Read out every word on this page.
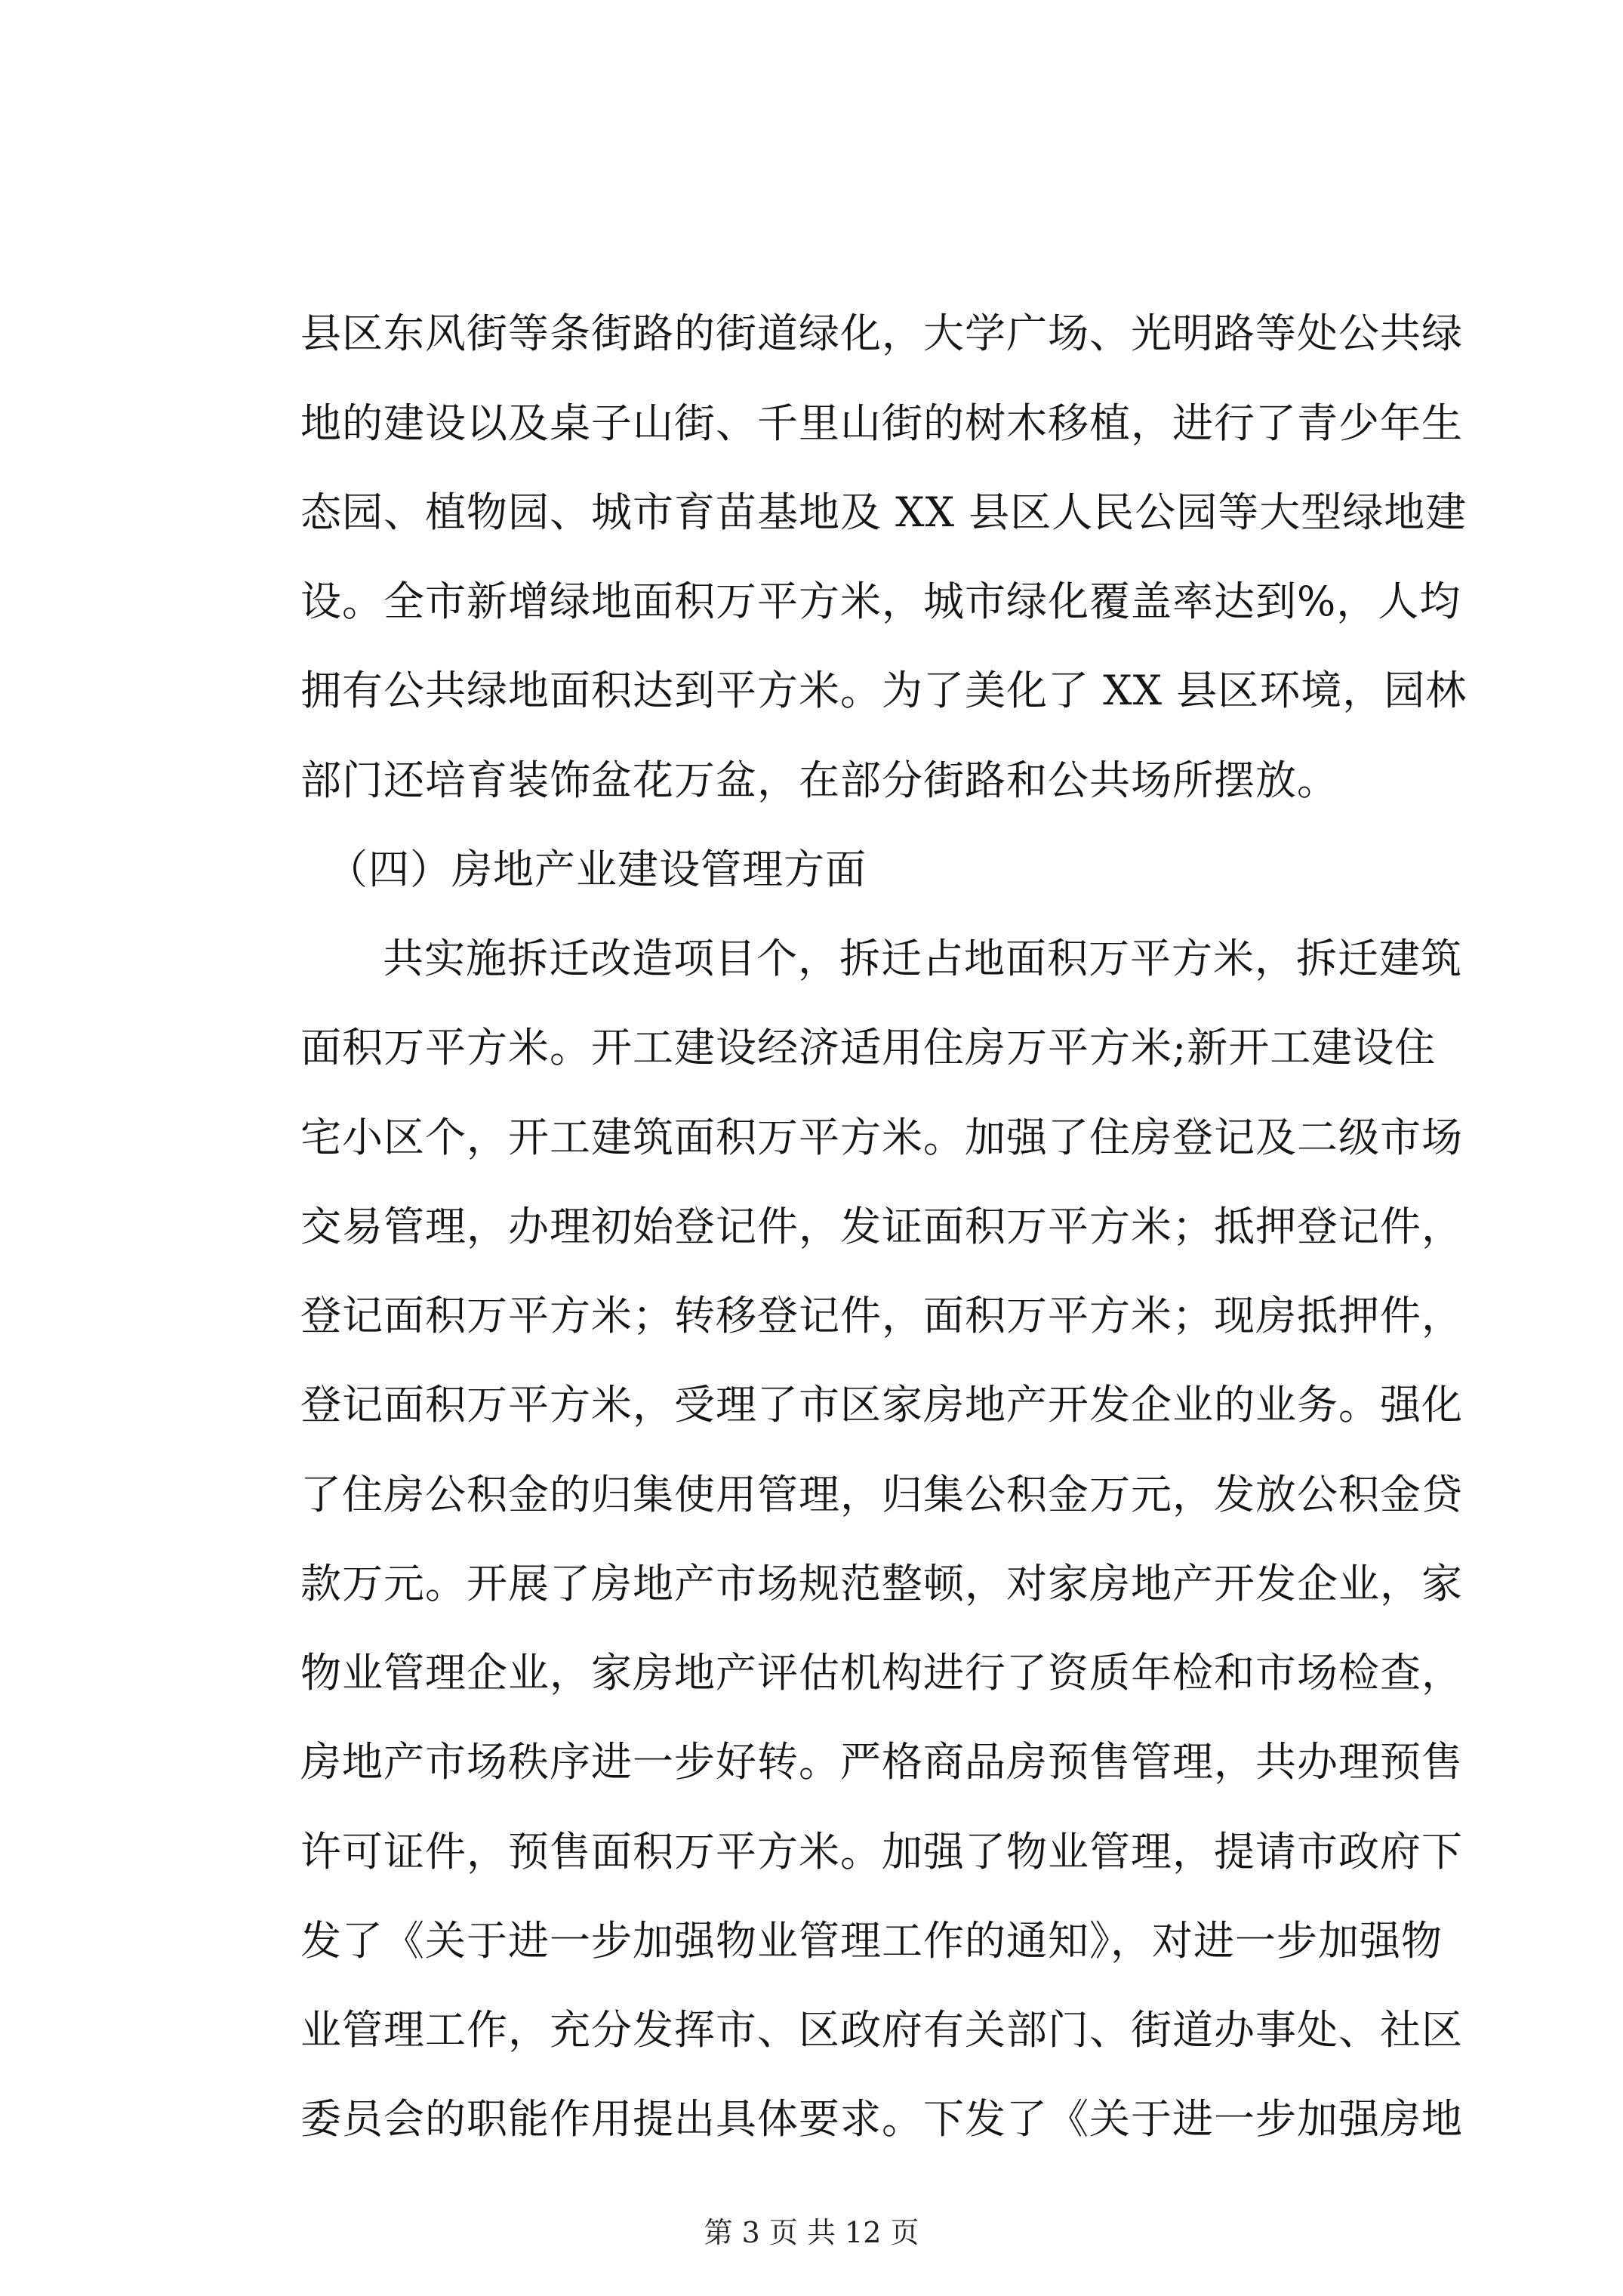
县区东风街等条街路的街道绿化，大学广场、光明路等处公共绿

地的建设以及桌子山街、千里山街的树木移植，进行了青少年生

态园、植物园、城市育苗基地及 XX 县区人民公园等大型绿地建

设。全市新增绿地面积万平方米，城市绿化覆盖率达到%，人均

拥有公共绿地面积达到平方米。为了美化了 XX 县区环境，园林

部门还培育装饰盆花万盆，在部分街路和公共场所摆放。

（四）房地产业建设管理方面

共实施拆迁改造项目个，拆迁占地面积万平方米，拆迁建筑

面积万平方米。开工建设经济适用住房万平方米;新开工建设住

宅小区个，开工建筑面积万平方米。加强了住房登记及二级市场

交易管理，办理初始登记件，发证面积万平方米；抵押登记件，

登记面积万平方米；转移登记件，面积万平方米；现房抵押件，

登记面积万平方米，受理了市区家房地产开发企业的业务。强化

了住房公积金的归集使用管理，归集公积金万元，发放公积金贷

款万元。开展了房地产市场规范整顿，对家房地产开发企业，家

物业管理企业，家房地产评估机构进行了资质年检和市场检查，

房地产市场秩序进一步好转。严格商品房预售管理，共办理预售

许可证件，预售面积万平方米。加强了物业管理，提请市政府下

发了《关于进一步加强物业管理工作的通知》，对进一步加强物

业管理工作，充分发挥市、区政府有关部门、街道办事处、社区

委员会的职能作用提出具体要求。下发了《关于进一步加强房地

第 3 页 共 12 页
